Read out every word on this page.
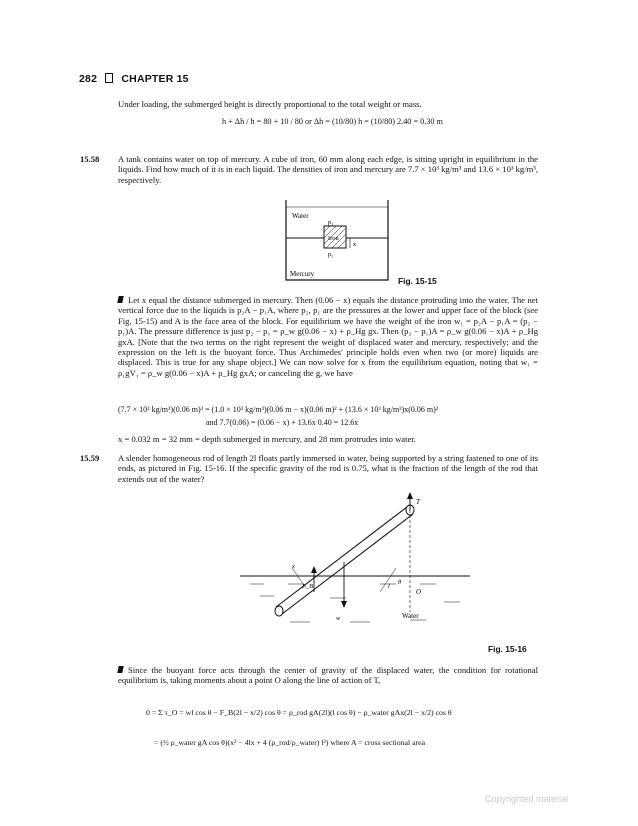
282 CHAPTER 15
Under loading, the submerged height is directly proportional to the total weight or mass.
h + Δh / h = 80 + 10 / 80 or Δh = (10/80) h = (10/80) 2.40 = 0.30 m
15.58 A tank contains water on top of mercury. A cube of iron, 60 mm along each edge, is sitting upright in equilibrium in the liquids. Find how much of it is in each liquid. The densities of iron and mercury are 7.7 × 10³ kg/m³ and 13.6 × 10³ kg/m³, respectively.
Water
p₁
Iron
p₂
x
Mercury
Fig. 15-15
Let x equal the distance submerged in mercury. Then (0.06 − x) equals the distance protruding into the water. The net vertical force due to the liquids is p₂A − p₁A, where p₂, p₁ are the pressures at the lower and upper face of the block (see Fig. 15-15) and A is the face area of the block. For equilibrium we have the weight of the iron w₁ = p₂A − p₁A = (p₂ − p₁)A. The pressure difference is just p₂ − p₁ = ρ_w g(0.06 − x) + ρ_Hg gx. Then (p₂ − p₁)A = ρ_w g(0.06 − x)A + ρ_Hg gxA. [Note that the two terms on the right represent the weight of displaced water and mercury, respectively; and the expression on the left is the buoyant force. Thus Archimedes' principle holds even when two (or more) liquids are displaced. This is true for any shape object.] We can now solve for x from the equilibrium equation, noting that w₁ = ρ₁gV₁ = ρ_w g(0.06 − x)A + ρ_Hg gxA; or canceling the g, we have
(7.7 × 10³ kg/m³)(0.06 m)³ = (1.0 × 10³ kg/m³)(0.06 m − x)(0.06 m)² + (13.6 × 10³ kg/m³)x(0.06 m)²
and 7.7(0.06) = (0.06 − x) + 13.6x 0.40 = 12.6x
x = 0.032 m = 32 mm = depth submerged in mercury, and 28 mm protrudes into water.
15.59 A slender homogeneous rod of length 2l floats partly immersed in water, being supported by a string fastened to one of its ends, as pictured in Fig. 15-16. If the specific gravity of the rod is 0.75, what is the fraction of the length of the rod that extends out of the water?
T
x
F_B
θ
O
w
l
Water
Fig. 15-16
Since the buoyant force acts through the center of gravity of the displaced water, the condition for rotational equilibrium is, taking moments about a point O along the line of action of T,
0 = Σ τ_O = wl cos θ − F_B(2l − x/2) cos θ = ρ_rod gA(2l)(l cos θ) − ρ_water gAx(2l − x/2) cos θ
= (½ ρ_water gA cos θ)(x² − 4lx + 4 (ρ_rod/ρ_water) l²) where A = cross sectional area
Copyrighted material
